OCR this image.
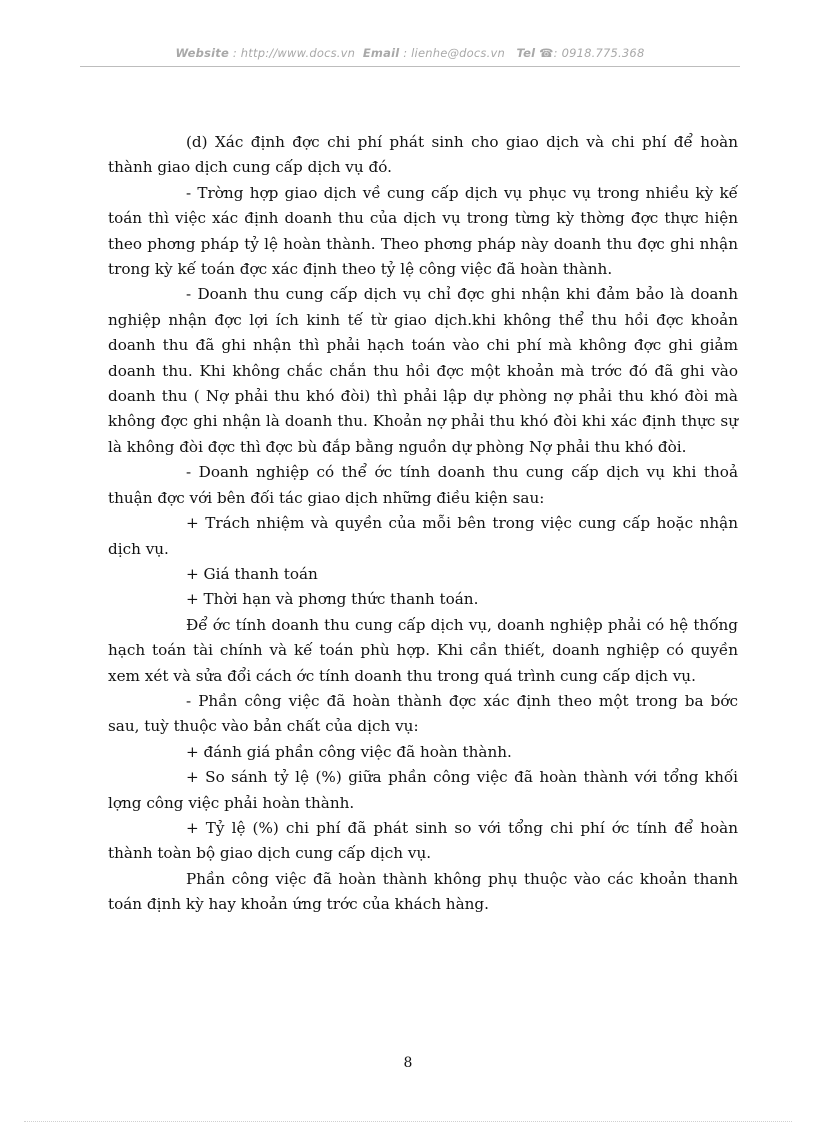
Website : http://www.docs.vn Email : lienhe@docs.vn Tel ☎: 0918.775.368

(d) Xác định đợc chi phí phát sinh cho giao dịch và chi phí để hoàn thành giao dịch cung cấp dịch vụ đó.

- Trờng hợp giao dịch về cung cấp dịch vụ phục vụ trong nhiều kỳ kế toán thì việc xác định doanh thu của dịch vụ trong từng kỳ thờng đợc thực hiện theo phơng pháp tỷ lệ hoàn thành. Theo phơng pháp này doanh thu đợc ghi nhận trong kỳ kế toán đợc xác định theo tỷ lệ công việc đã hoàn thành.

- Doanh thu cung cấp dịch vụ chỉ đợc ghi nhận khi đảm bảo là doanh nghiệp nhận đợc lợi ích kinh tế từ giao dịch.khi không thể thu hồi đợc khoản doanh thu đã ghi nhận thì phải hạch toán vào chi phí mà không đợc ghi giảm doanh thu. Khi không chắc chắn thu hồi đợc một khoản mà trớc đó đã ghi vào doanh thu ( Nợ phải thu khó đòi) thì phải lập dự phòng nợ phải thu khó đòi mà không đợc ghi nhận là doanh thu. Khoản nợ phải thu khó đòi khi xác định thực sự là không đòi đợc thì đợc bù đắp bằng nguồn dự phòng Nợ phải thu khó đòi.

- Doanh nghiệp có thể ớc tính doanh thu cung cấp dịch vụ khi thoả thuận đợc với bên đối tác giao dịch những điều kiện sau:

+ Trách nhiệm và quyền của mỗi bên trong việc cung cấp hoặc nhận dịch vụ.

+ Giá thanh toán

+ Thời hạn và phơng thức thanh toán.

Để ớc tính doanh thu cung cấp dịch vụ, doanh nghiệp phải có hệ thống hạch toán tài chính và kế toán phù hợp. Khi cần thiết, doanh nghiệp có quyền xem xét và sửa đổi cách ớc tính doanh thu trong quá trình cung cấp dịch vụ.

- Phần công việc đã hoàn thành đợc xác định theo một trong ba bớc sau, tuỳ thuộc vào bản chất của dịch vụ:

+ đánh giá phần công việc đã hoàn thành.

+ So sánh tỷ lệ (%) giữa phần công việc đã hoàn thành với tổng khối lợng công việc phải hoàn thành.

+ Tỷ lệ (%) chi phí đã phát sinh so với tổng chi phí ớc tính để hoàn thành toàn bộ giao dịch cung cấp dịch vụ.

Phần công việc đã hoàn thành không phụ thuộc vào các khoản thanh toán định kỳ hay khoản ứng trớc của khách hàng.

8
